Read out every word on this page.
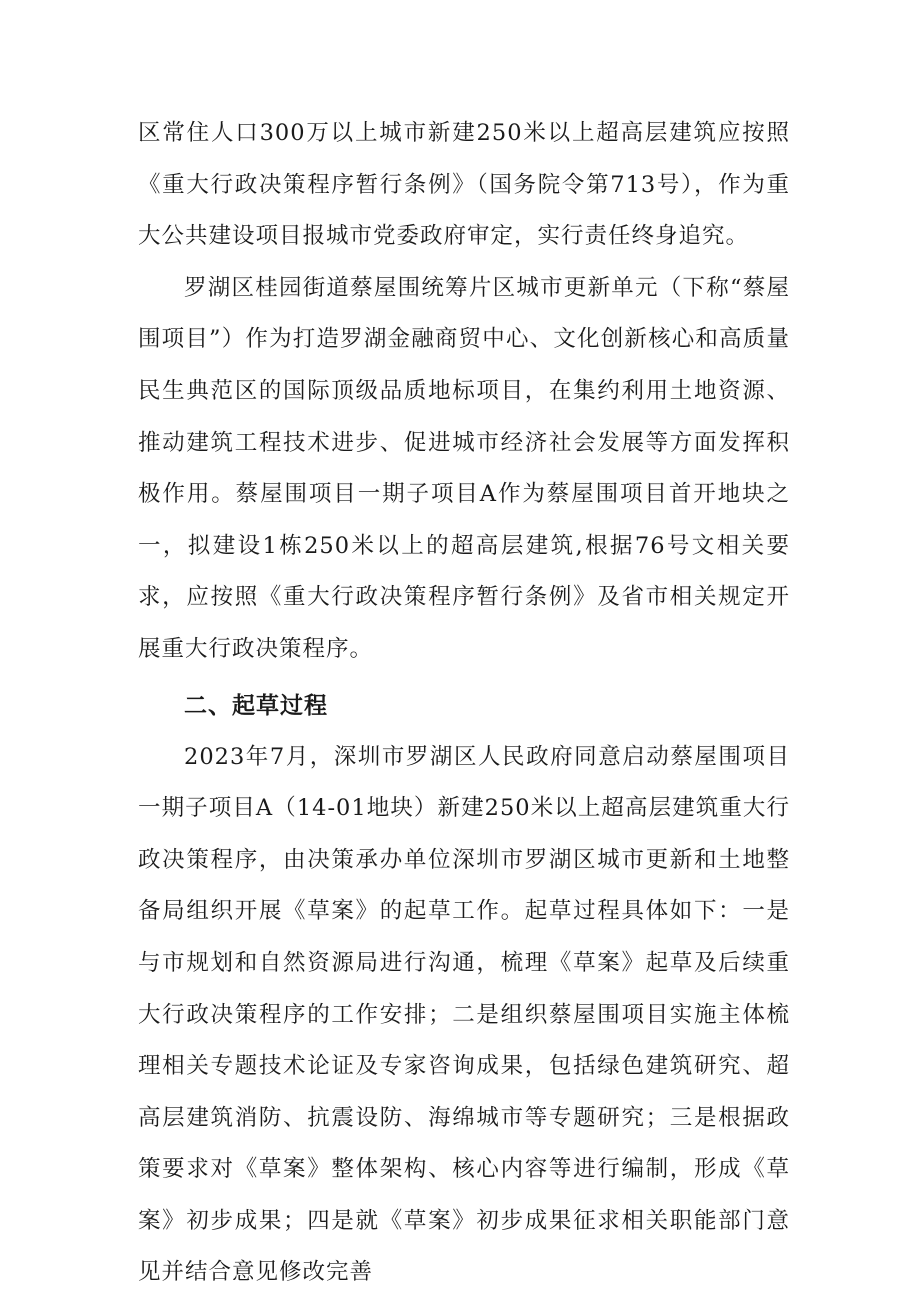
区常住人口300万以上城市新建250米以上超高层建筑应按照《重大行政决策程序暂行条例》（国务院令第713号），作为重大公共建设项目报城市党委政府审定，实行责任终身追究。

罗湖区桂园街道蔡屋围统筹片区城市更新单元（下称“蔡屋围项目”）作为打造罗湖金融商贸中心、文化创新核心和高质量民生典范区的国际顶级品质地标项目，在集约利用土地资源、推动建筑工程技术进步、促进城市经济社会发展等方面发挥积极作用。蔡屋围项目一期子项目A作为蔡屋围项目首开地块之一，拟建设1栋250米以上的超高层建筑,根据76号文相关要求，应按照《重大行政决策程序暂行条例》及省市相关规定开展重大行政决策程序。

二、起草过程

2023年7月，深圳市罗湖区人民政府同意启动蔡屋围项目一期子项目A（14-01地块）新建250米以上超高层建筑重大行政决策程序，由决策承办单位深圳市罗湖区城市更新和土地整备局组织开展《草案》的起草工作。起草过程具体如下：一是与市规划和自然资源局进行沟通，梳理《草案》起草及后续重大行政决策程序的工作安排；二是组织蔡屋围项目实施主体梳理相关专题技术论证及专家咨询成果，包括绿色建筑研究、超高层建筑消防、抗震设防、海绵城市等专题研究；三是根据政策要求对《草案》整体架构、核心内容等进行编制，形成《草案》初步成果；四是就《草案》初步成果征求相关职能部门意见并结合意见修改完善
